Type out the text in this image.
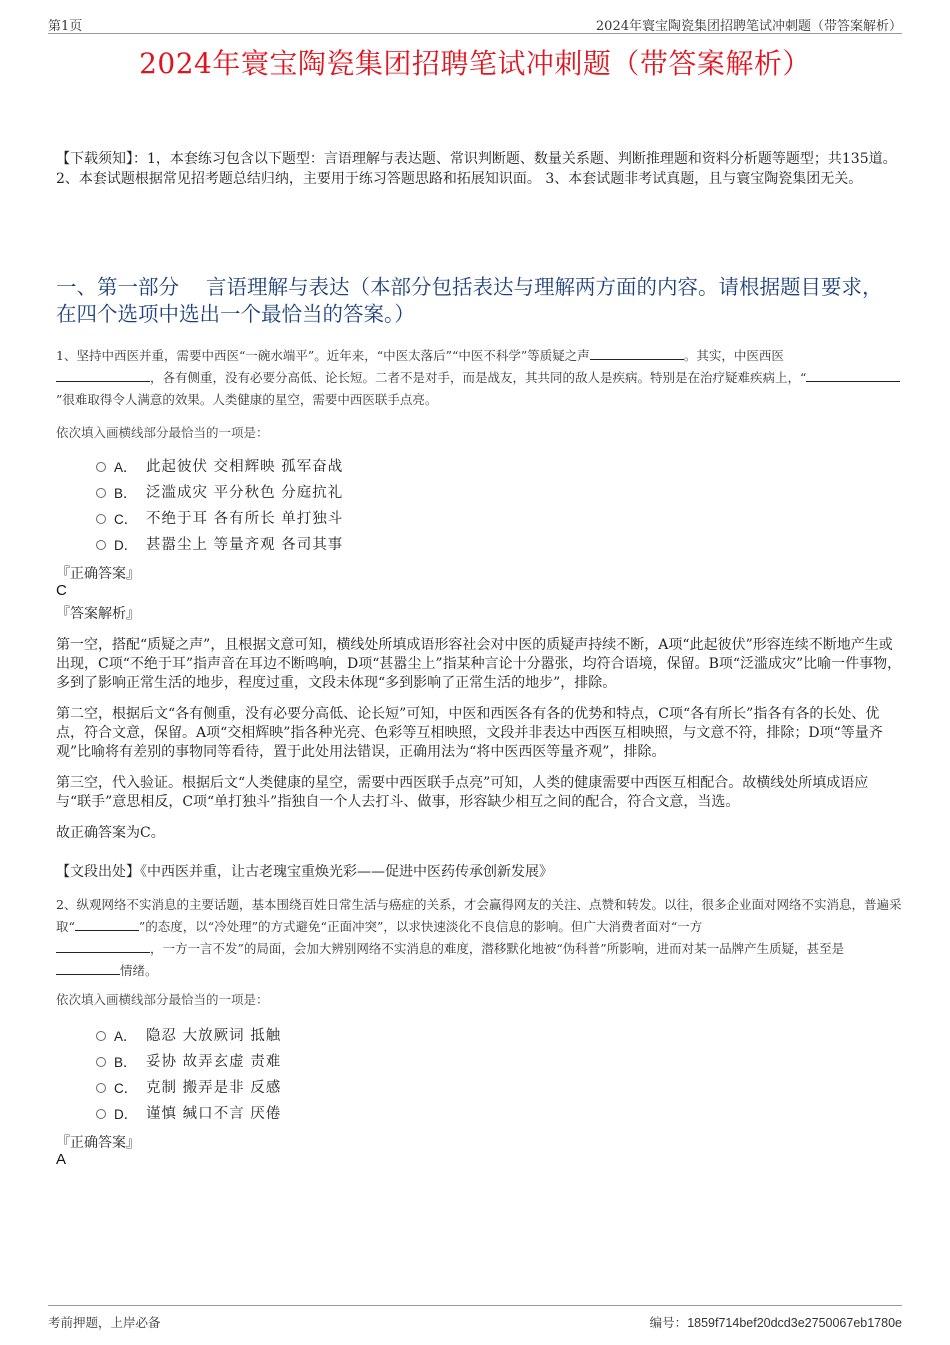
第1页	2024年寰宝陶瓷集团招聘笔试冲刺题（带答案解析）
2024年寰宝陶瓷集团招聘笔试冲刺题（带答案解析）
【下载须知】：1，本套练习包含以下题型：言语理解与表达题、常识判断题、数量关系题、判断推理题和资料分析题等题型；共135道。 2、本套试题根据常见招考题总结归纳，主要用于练习答题思路和拓展知识面。 3、本套试题非考试真题，且与寰宝陶瓷集团无关。
一、第一部分　 言语理解与表达（本部分包括表达与理解两方面的内容。请根据题目要求，在四个选项中选出一个最恰当的答案。）
1、坚持中西医并重，需要中西医“一碗水端平”。近年来，“中医太落后”“中医不科学”等质疑之声	。其实，中医西医
，各有侧重，没有必要分高低、论长短。二者不是对手，而是战友，其共同的敌人是疾病。特别是在治疗疑难疾病上，“”很难取得令人满意的效果。人类健康的星空，需要中西医联手点亮。
依次填入画横线部分最恰当的一项是：
A． 此起彼伏 交相辉映 孤军奋战
B． 泛滥成灾 平分秋色 分庭抗礼
C． 不绝于耳 各有所长 单打独斗
D． 甚嚣尘上 等量齐观 各司其事
『正确答案』
C
『答案解析』

第一空，搭配“质疑之声”，且根据文意可知，横线处所填成语形容社会对中医的质疑声持续不断，A项“此起彼伏”形容连续不断地产生或出现，C项“不绝于耳”指声音在耳边不断鸣响，D项“甚嚣尘上”指某种言论十分嚣张，均符合语境，保留。B项“泛滥成灾”比喻一件事物，多到了影响正常生活的地步，程度过重，文段未体现“多到影响了正常生活的地步”，排除。

第二空，根据后文“各有侧重，没有必要分高低、论长短”可知，中医和西医各有各的优势和特点，C项“各有所长”指各有各的长处、优点，符合文意，保留。A项“交相辉映”指各种光亮、色彩等互相映照，文段并非表达中西医互相映照，与文意不符，排除；D项“等量齐观”比喻将有差别的事物同等看待，置于此处用法错误，正确用法为“将中医西医等量齐观”，排除。

第三空，代入验证。根据后文“人类健康的星空，需要中西医联手点亮”可知，人类的健康需要中西医互相配合。故横线处所填成语应与“联手”意思相反，C项“单打独斗”指独自一个人去打斗、做事，形容缺少相互之间的配合，符合文意，当选。

故正确答案为C。

【文段出处】《中西医并重，让古老瑰宝重焕光彩——促进中医药传承创新发展》
2、纵观网络不实消息的主要话题，基本围绕百姓日常生活与癌症的关系，才会赢得网友的关注、点赞和转发。以往，很多企业面对网络不实消息，普遍采取“	”的态度，以“冷处理”的方式避免“正面冲突”，以求快速淡化不良信息的影响。但广大消费者面对“一方
，一方一言不发”的局面，会加大辨别网络不实消息的难度，潜移默化地被“伪科普”所影响，进而对某一品牌产生质疑，甚至是
情绪。
依次填入画横线部分最恰当的一项是：
A． 隐忍 大放厥词 抵触
B． 妥协 故弄玄虚 责难
C． 克制 搬弄是非 反感
D． 谨慎 缄口不言 厌倦
『正确答案』
A
考前押题，上岸必备	编号：1859f714bef20dcd3e2750067eb1780e
